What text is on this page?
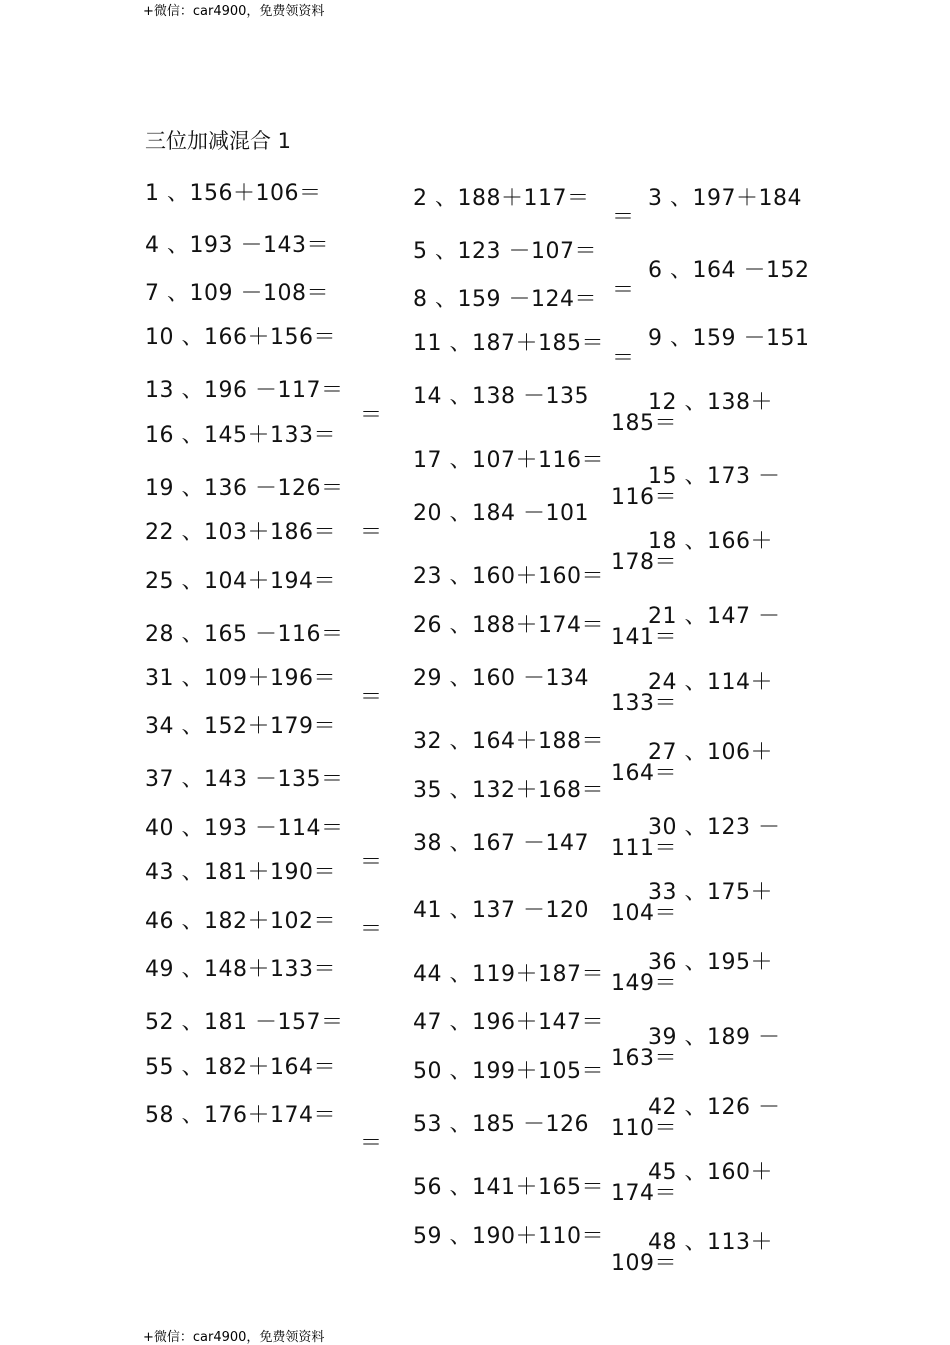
+微信：car4900，免费领资料
三位加减混合 1
1 、156＋106＝
4 、193 －143＝
7 、109 －108＝
10 、166＋156＝
13 、196 －117＝
16 、145＋133＝
19 、136 －126＝
22 、103＋186＝
25 、104＋194＝
28 、165 －116＝
31 、109＋196＝
34 、152＋179＝
37 、143 －135＝
40 、193 －114＝
43 、181＋190＝
46 、182＋102＝
49 、148＋133＝
52 、181 －157＝
55 、182＋164＝
58 、176＋174＝
＝
＝
＝
＝
＝
＝
2 、188＋117＝
5 、123 －107＝
8 、159 －124＝
11 、187＋185＝
14 、138 －135
17 、107＋116＝
20 、184 －101
23 、160＋160＝
26 、188＋174＝
29 、160 －134
32 、164＋188＝
35 、132＋168＝
38 、167 －147
41 、137 －120
44 、119＋187＝
47 、196＋147＝
50 、199＋105＝
53 、185 －126
56 、141＋165＝
59 、190＋110＝
＝
＝
＝
3 、197＋184
6 、164 －152
9 、159 －151
12 、138＋
185＝
15 、173 －
116＝
18 、166＋
178＝
21 、147 －
141＝
24 、114＋
133＝
27 、106＋
164＝
30 、123 －
111＝
33 、175＋
104＝
36 、195＋
149＝
39 、189 －
163＝
42 、126 －
110＝
45 、160＋
174＝
48 、113＋
109＝
+微信：car4900，免费领资料
